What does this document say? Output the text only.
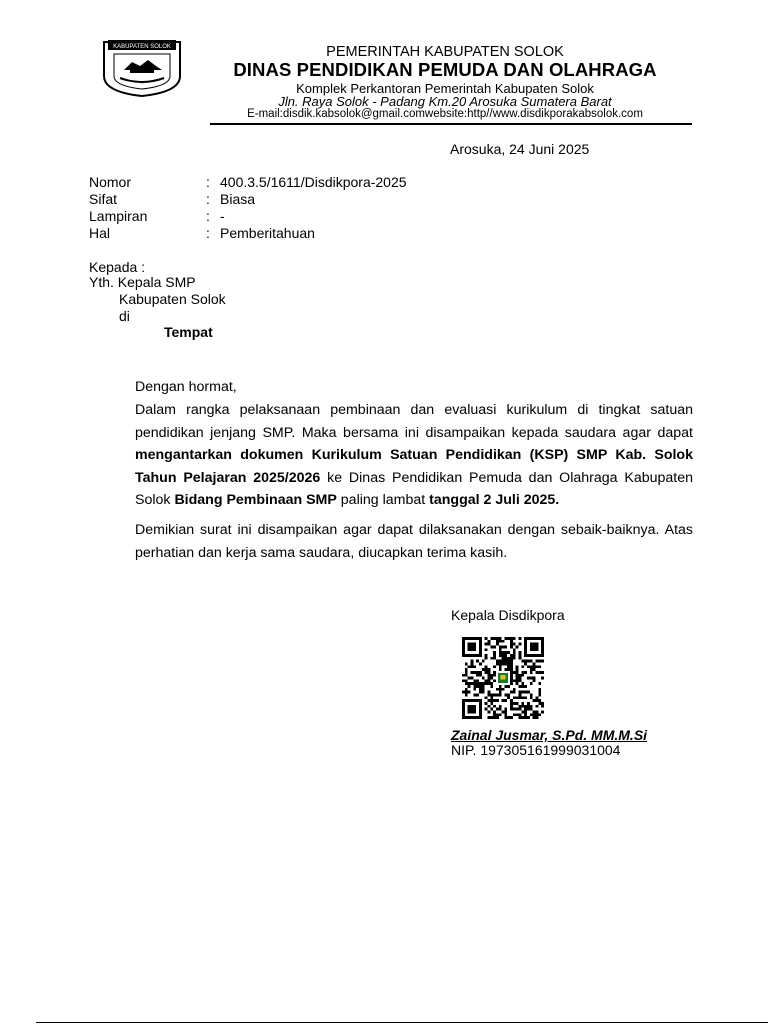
KABUPATEN SOLOK
···
PEMERINTAH KABUPATEN SOLOK
DINAS PENDIDIKAN PEMUDA DAN OLAHRAGA
Komplek Perkantoran Pemerintah Kabupaten Solok
Jln. Raya Solok - Padang Km.20 Arosuka Sumatera Barat
E-mail:disdik.kabsolok@gmail.comwebsite:http//www.disdikporakabsolok.com
Arosuka, 24 Juni 2025
Nomor	: 400.3.5/1611/Disdikpora-2025
Sifat	: Biasa
Lampiran	: -
Hal	: Pemberitahuan
Kepada :
Yth. Kepala SMP
Kabupaten Solok
di
Tempat
Dengan hormat,
Dalam rangka pelaksanaan pembinaan dan evaluasi kurikulum di tingkat satuan pendidikan jenjang SMP. Maka bersama ini disampaikan kepada saudara agar dapat mengantarkan dokumen Kurikulum Satuan Pendidikan (KSP) SMP Kab. Solok Tahun Pelajaran 2025/2026 ke Dinas Pendidikan Pemuda dan Olahraga Kabupaten Solok Bidang Pembinaan SMP paling lambat tanggal 2 Juli 2025.
Demikian surat ini disampaikan agar dapat dilaksanakan dengan sebaik-baiknya. Atas perhatian dan kerja sama saudara, diucapkan terima kasih.
Kepala Disdikpora
Zainal Jusmar, S.Pd. MM.M.Si
NIP. 197305161999031004
